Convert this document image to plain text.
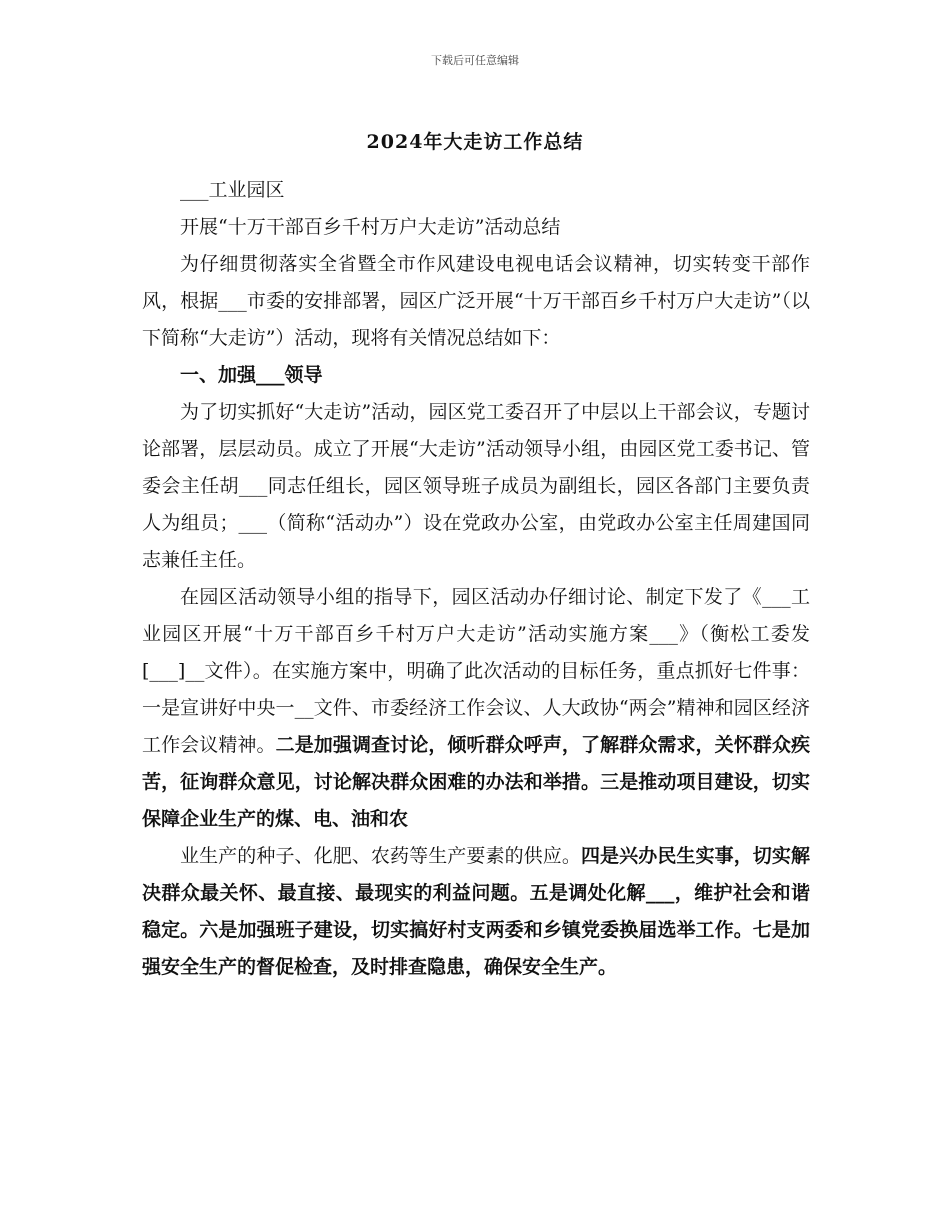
下载后可任意编辑
2024年大走访工作总结

___工业园区

开展“十万干部百乡千村万户大走访”活动总结

为仔细贯彻落实全省暨全市作风建设电视电话会议精神，切实转变干部作风，根据___市委的安排部署，园区广泛开展“十万干部百乡千村万户大走访”（以下简称“大走访”）活动，现将有关情况总结如下：

一、加强___领导

为了切实抓好“大走访”活动，园区党工委召开了中层以上干部会议，专题讨论部署，层层动员。成立了开展“大走访”活动领导小组，由园区党工委书记、管委会主任胡___同志任组长，园区领导班子成员为副组长，园区各部门主要负责人为组员；___（简称“活动办”）设在党政办公室，由党政办公室主任周建国同志兼任主任。

在园区活动领导小组的指导下，园区活动办仔细讨论、制定下发了《___工业园区开展“十万干部百乡千村万户大走访”活动实施方案___》（衡松工委发[___]__文件）。在实施方案中，明确了此次活动的目标任务，重点抓好七件事：一是宣讲好中央一__文件、市委经济工作会议、人大政协“两会”精神和园区经济工作会议精神。二是加强调查讨论，倾听群众呼声，了解群众需求，关怀群众疾苦，征询群众意见，讨论解决群众困难的办法和举措。三是推动项目建设，切实保障企业生产的煤、电、油和农

业生产的种子、化肥、农药等生产要素的供应。四是兴办民生实事，切实解决群众最关怀、最直接、最现实的利益问题。五是调处化解___，维护社会和谐稳定。六是加强班子建设，切实搞好村支两委和乡镇党委换届选举工作。七是加强安全生产的督促检查，及时排查隐患，确保安全生产。
